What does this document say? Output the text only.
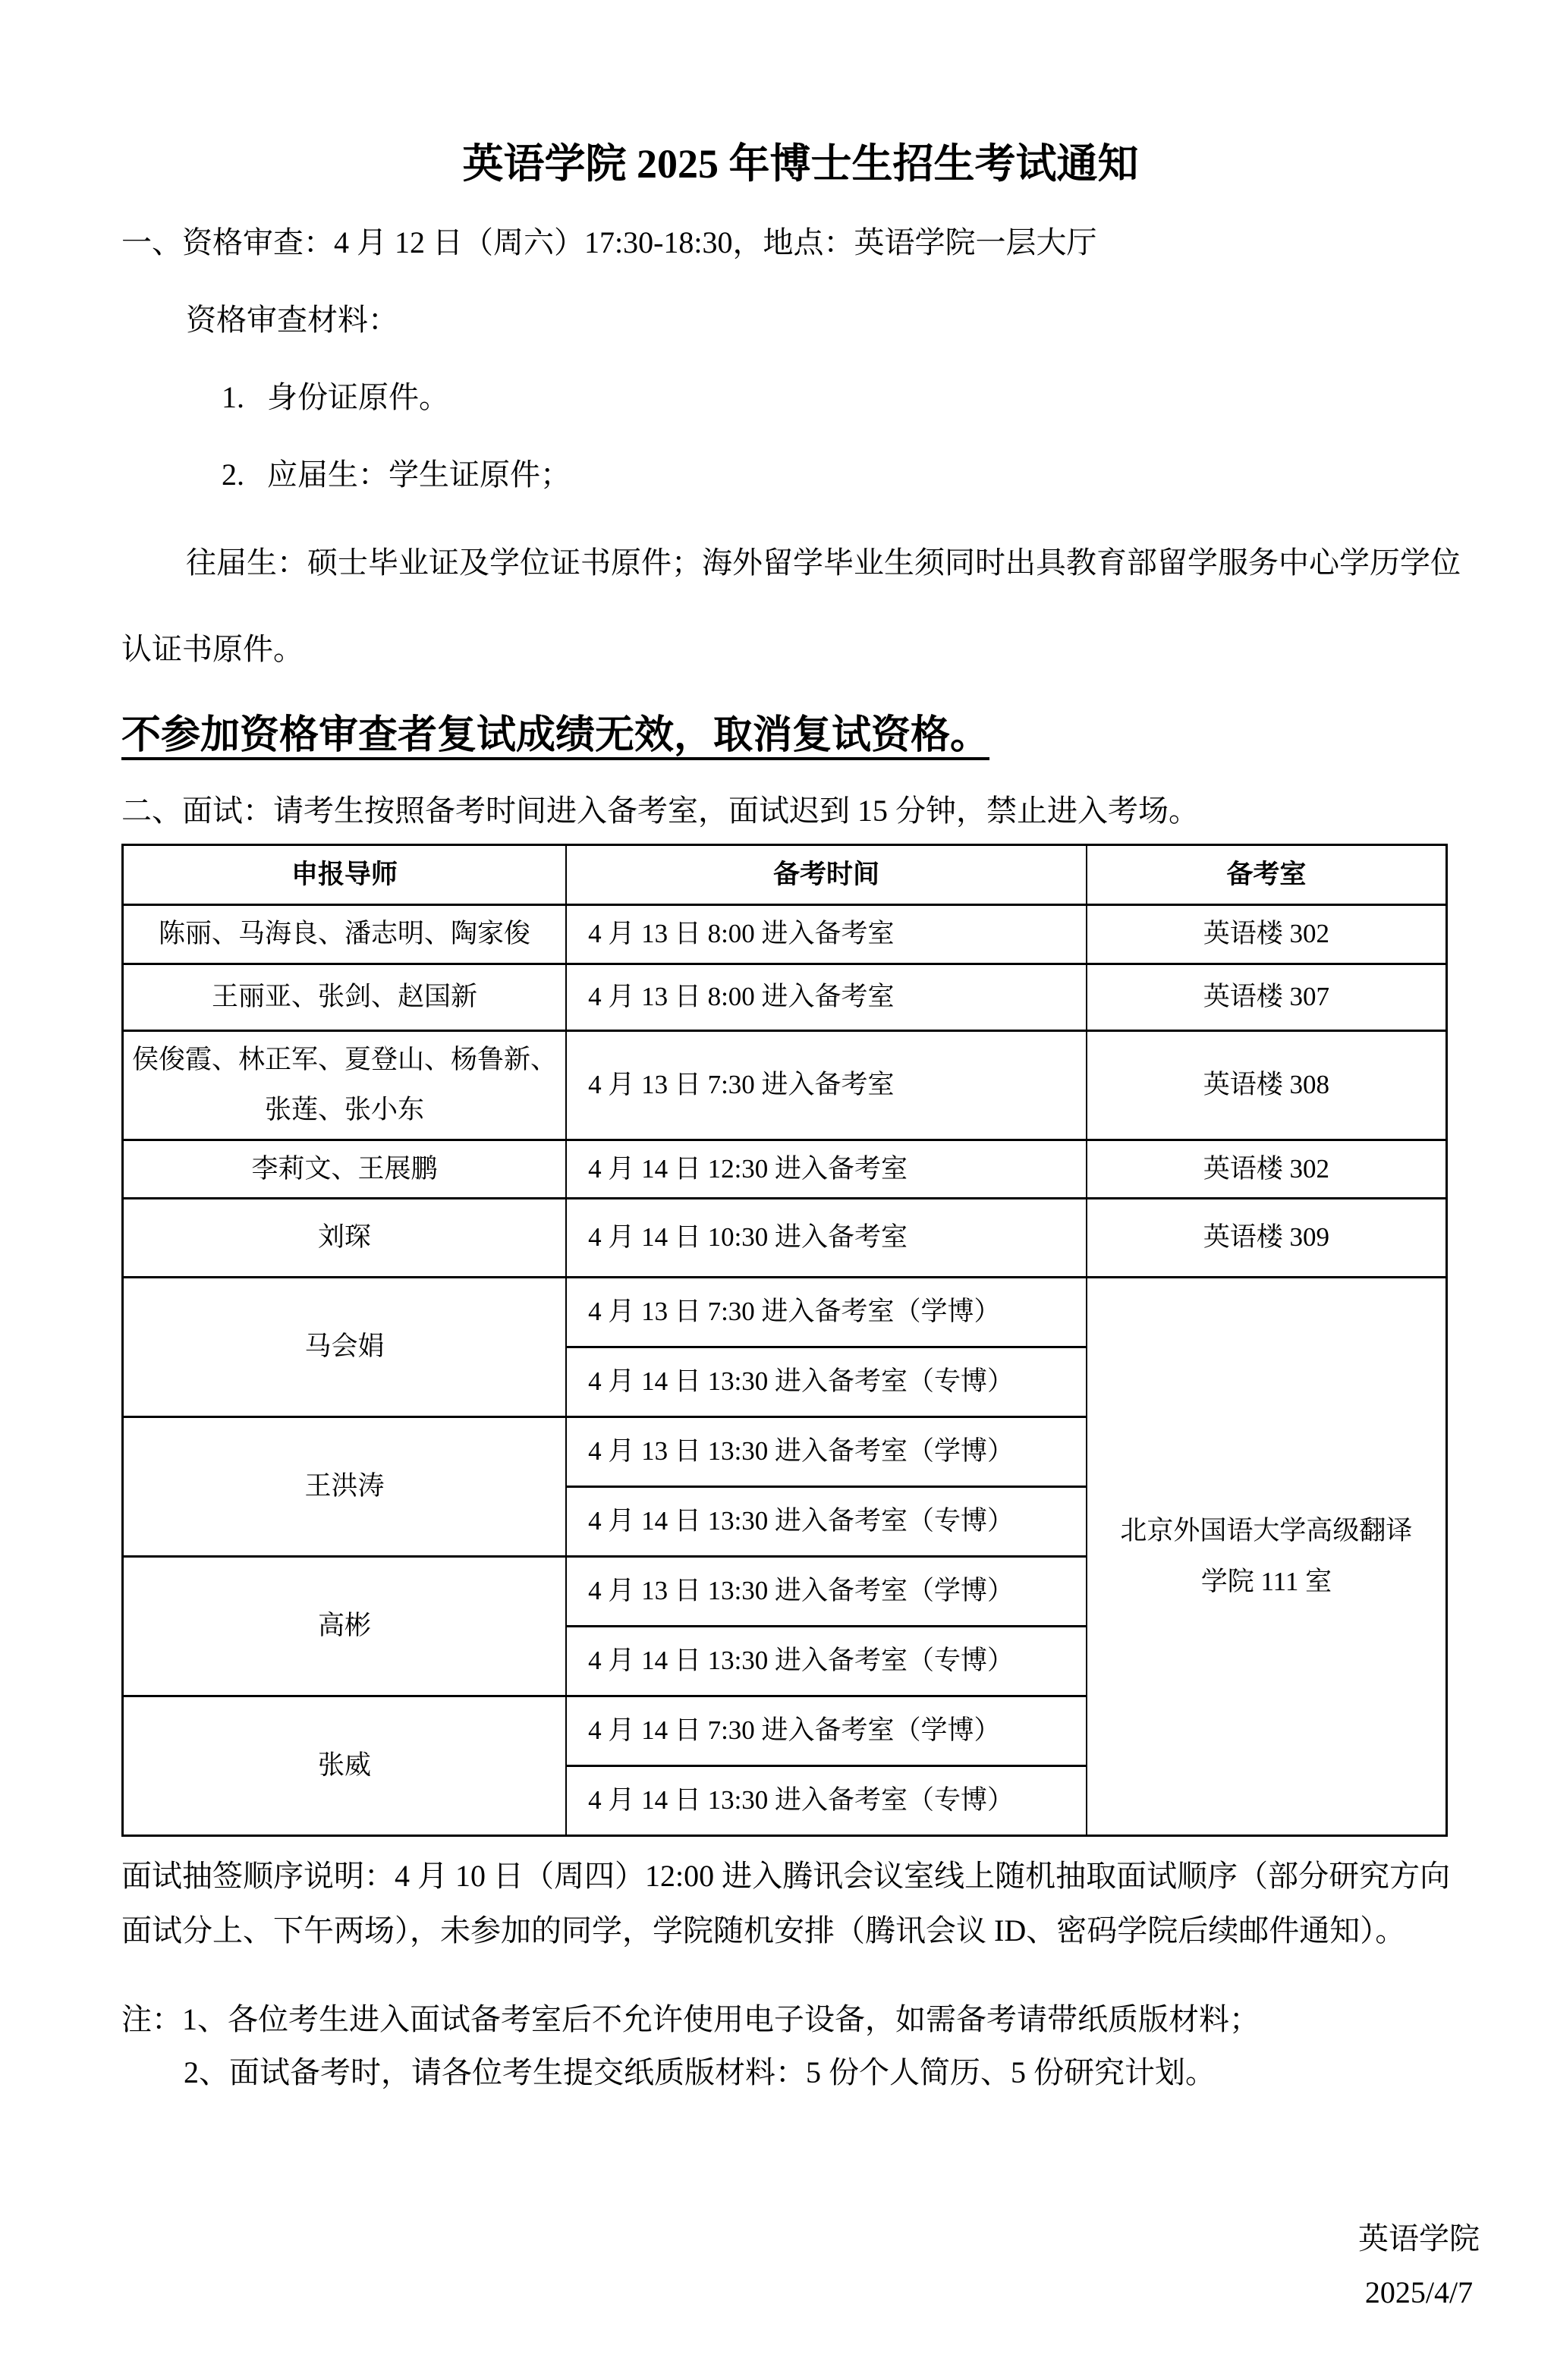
英语学院 2025 年博士生招生考试通知

一、资格审查：4 月 12 日（周六）17:30-18:30，地点：英语学院一层大厅

资格审查材料：

1. 身份证原件。

2. 应届生：学生证原件；

往届生：硕士毕业证及学位证书原件；海外留学毕业生须同时出具教育部留学服务中心学历学位认证书原件。

不参加资格审查者复试成绩无效，取消复试资格。

二、面试：请考生按照备考时间进入备考室，面试迟到 15 分钟，禁止进入考场。

申报导师	备考时间	备考室
陈丽、马海良、潘志明、陶家俊	4 月 13 日 8:00 进入备考室	英语楼 302
王丽亚、张剑、赵国新	4 月 13 日 8:00 进入备考室	英语楼 307
侯俊霞、林正军、夏登山、杨鲁新、张莲、张小东	4 月 13 日 7:30 进入备考室	英语楼 308
李莉文、王展鹏	4 月 14 日 12:30 进入备考室	英语楼 302
刘琛	4 月 14 日 10:30 进入备考室	英语楼 309
马会娟	4 月 13 日 7:30 进入备考室（学博）	北京外国语大学高级翻译学院 111 室
	4 月 14 日 13:30 进入备考室（专博）	
王洪涛	4 月 13 日 13:30 进入备考室（学博）	
	4 月 14 日 13:30 进入备考室（专博）	
高彬	4 月 13 日 13:30 进入备考室（学博）	
	4 月 14 日 13:30 进入备考室（专博）	
张威	4 月 14 日 7:30 进入备考室（学博）	
	4 月 14 日 13:30 进入备考室（专博）	

面试抽签顺序说明：4 月 10 日（周四）12:00 进入腾讯会议室线上随机抽取面试顺序（部分研究方向面试分上、下午两场），未参加的同学，学院随机安排（腾讯会议 ID、密码学院后续邮件通知）。

注：1、各位考生进入面试备考室后不允许使用电子设备，如需备考请带纸质版材料；

2、面试备考时，请各位考生提交纸质版材料：5 份个人简历、5 份研究计划。

英语学院

2025/4/7
